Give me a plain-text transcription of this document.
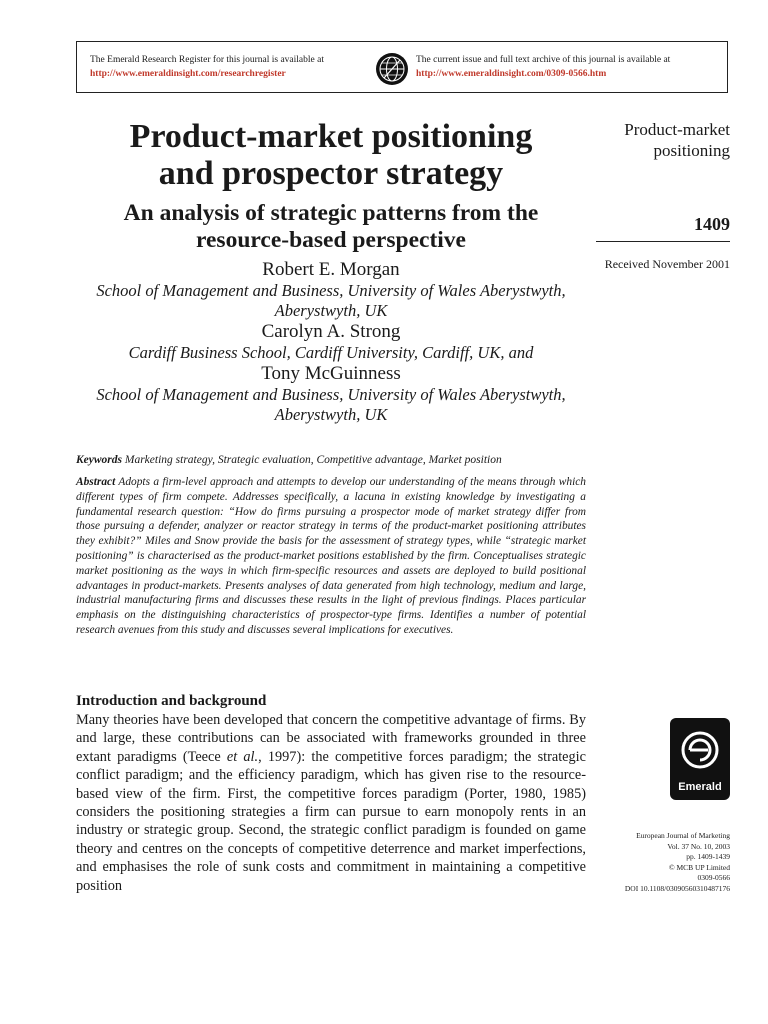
The Emerald Research Register for this journal is available at
http://www.emeraldinsight.com/researchregister
The current issue and full text archive of this journal is available at
http://www.emeraldinsight.com/0309-0566.htm
Product-market positioning
and prospector strategy
An analysis of strategic patterns from the
resource-based perspective
Robert E. Morgan
School of Management and Business, University of Wales Aberystwyth,
Aberystwyth, UK
Carolyn A. Strong
Cardiff Business School, Cardiff University, Cardiff, UK, and
Tony McGuinness
School of Management and Business, University of Wales Aberystwyth,
Aberystwyth, UK
Product-market
positioning
1409
Received November 2001
Keywords Marketing strategy, Strategic evaluation, Competitive advantage, Market position
Abstract Adopts a firm-level approach and attempts to develop our understanding of the means through which different types of firm compete. Addresses specifically, a lacuna in existing knowledge by investigating a fundamental research question: “How do firms pursuing a prospector mode of market strategy differ from those pursuing a defender, analyzer or reactor strategy in terms of the product-market positioning attributes they exhibit?” Miles and Snow provide the basis for the assessment of strategy types, while “strategic market positioning” is characterised as the product-market positions established by the firm. Conceptualises strategic market positioning as the ways in which firm-specific resources and assets are deployed to build positional advantages in product-markets. Presents analyses of data generated from high technology, medium and large, industrial manufacturing firms and discusses these results in the light of previous findings. Places particular emphasis on the distinguishing characteristics of prospector-type firms. Identifies a number of potential research avenues from this study and discusses several implications for executives.
Introduction and background
Many theories have been developed that concern the competitive advantage of firms. By and large, these contributions can be associated with frameworks grounded in three extant paradigms (Teece et al., 1997): the competitive forces paradigm; the strategic conflict paradigm; and the efficiency paradigm, which has given rise to the resource-based view of the firm. First, the competitive forces paradigm (Porter, 1980, 1985) considers the positioning strategies a firm can pursue to earn monopoly rents in an industry or strategic group. Second, the strategic conflict paradigm is founded on game theory and centres on the concepts of competitive deterrence and market imperfections, and emphasises the role of sunk costs and commitment in maintaining a competitive position
Emerald
European Journal of Marketing
Vol. 37 No. 10, 2003
pp. 1409-1439
© MCB UP Limited
0309-0566
DOI 10.1108/03090560310487176
